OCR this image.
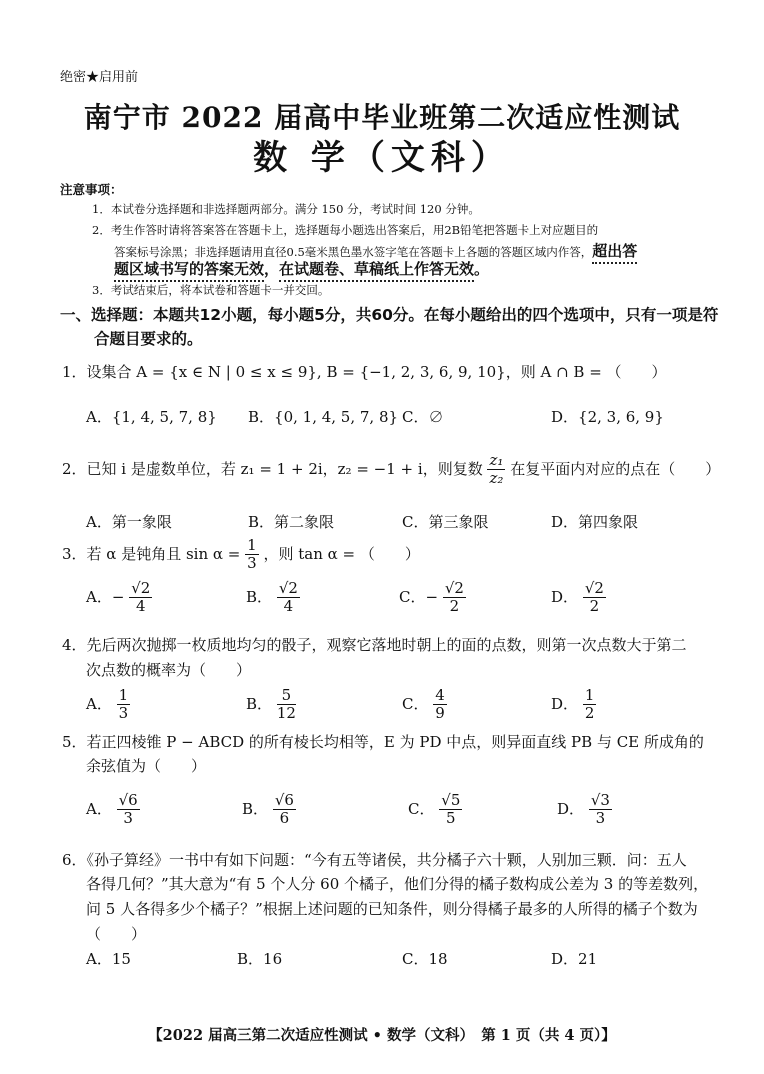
绝密★启用前
南宁市 2022 届高中毕业班第二次适应性测试
数 学（文科）
注意事项：
1．本试卷分选择题和非选择题两部分。满分 150 分，考试时间 120 分钟。
2．考生作答时请将答案答在答题卡上，选择题每小题选出答案后，用2B铅笔把答题卡上对应题目的
答案标号涂黑；非选择题请用直径0.5毫米黑色墨水签字笔在答题卡上各题的答题区域内作答，超出答
题区域书写的答案无效，在试题卷、草稿纸上作答无效。
3．考试结束后，将本试卷和答题卡一并交回。
一、选择题：本题共12小题，每小题5分，共60分。在每小题给出的四个选项中，只有一项是符
合题目要求的。
1．设集合 A = {x ∈ N | 0 ≤ x ≤ 9}, B = {−1, 2, 3, 6, 9, 10}，则 A ∩ B = （　　）
A．{1, 4, 5, 7, 8} B．{0, 1, 4, 5, 7, 8} C．∅	D．{2, 3, 6, 9}
2．已知 i 是虚数单位，若 z₁ = 1 + 2i，z₂ = −1 + i，则复数 $\frac{\text{z₁}}{\text{z₂}}$ 在复平面内对应的点在（　　）
A．第一象限	B．第二象限	C．第三象限	D．第四象限
3．若 α 是钝角且 $\sin \alpha = \frac{1}{3}$ ，则 tan α = （　　）
A．− $\frac{√2}{4}$	B． $\frac{√2}{4}$	C．− $\frac{√2}{2}$	D． $\frac{√2}{2}$
4．先后两次抛掷一枚质地均匀的骰子，观察它落地时朝上的面的点数，则第一次点数大于第二
次点数的概率为（　　）
A． $\frac{1}{3}$	B． $\frac{5}{12}$	C． $\frac{4}{9}$	D． $\frac{1}{2}$
5．若正四棱锥 P − ABCD 的所有棱长均相等，E 为 PD 中点，则异面直线 PB 与 CE 所成角的
余弦值为（　　）
A． $\frac{√6}{3}$	B． $\frac{√6}{6}$	C． $\frac{√5}{5}$	D． $\frac{√3}{3}$
6．《孙子算经》一书中有如下问题：“今有五等诸侯，共分橘子六十颗，人别加三颗．问：五人
各得几何？”其大意为“有 5 个人分 60 个橘子，他们分得的橘子数构成公差为 3 的等差数列，
问 5 人各得多少个橘子？”根据上述问题的已知条件，则分得橘子最多的人所得的橘子个数为
（　　）
A．15	B．16	C．18	D．21
【2022 届高三第二次适应性测试 • 数学（文科）　第 1 页（共 4 页）】
